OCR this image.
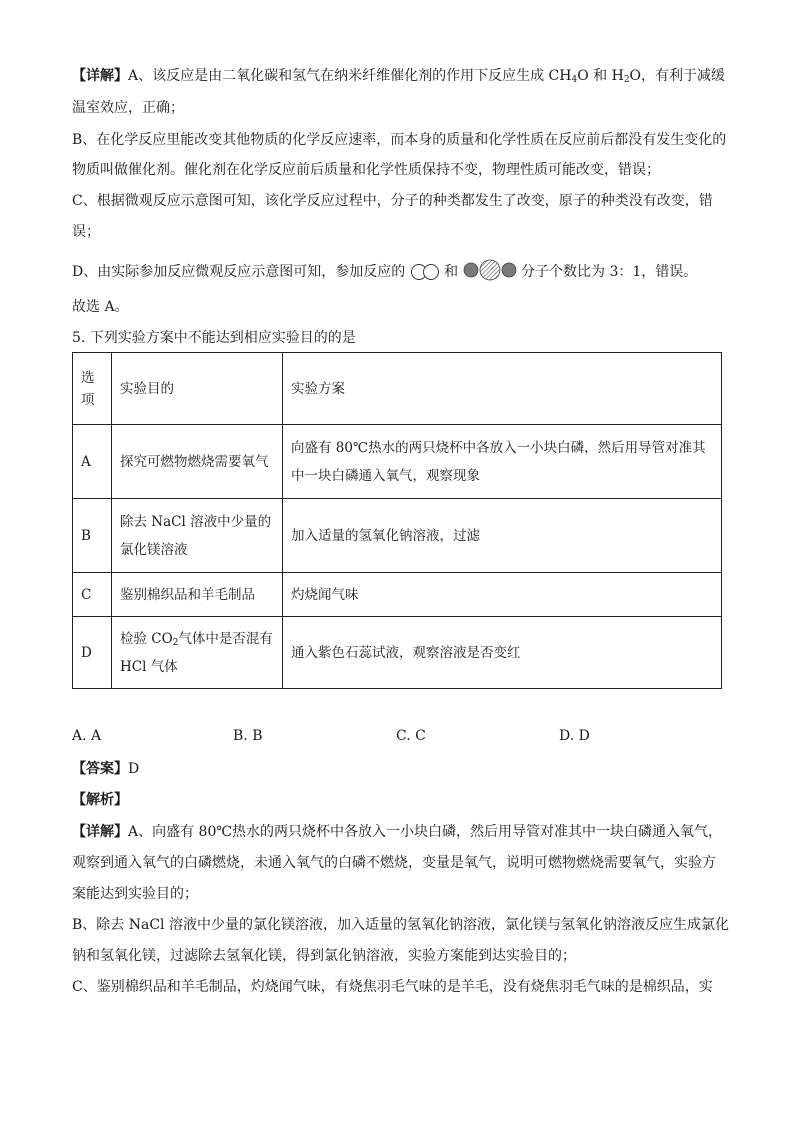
【详解】A、该反应是由二氧化碳和氢气在纳米纤维催化剂的作用下反应生成 $CH_4O$ 和 $H_2O$，有利于减缓
温室效应，正确；
B、在化学反应里能改变其他物质的化学反应速率，而本身的质量和化学性质在反应前后都没有发生变化的
物质叫做催化剂。催化剂在化学反应前后质量和化学性质保持不变，物理性质可能改变，错误；
C、根据微观反应示意图可知，该化学反应过程中，分子的种类都发生了改变，原子的种类没有改变，错
误；
D、由实际参加反应微观反应示意图可知，参加反应的	和	分子个数比为 3：1，错误。
故选 A。
5. 下列实验方案中不能达到相应实验目的的是
选项	实验目的	实验方案
A	探究可燃物燃烧需要氧气	向盛有 80℃热水的两只烧杯中各放入一小块白磷，然后用导管对准其中一块白磷通入氧气，观察现象
B	除去 NaCl 溶液中少量的氯化镁溶液	加入适量的氢氧化钠溶液，过滤
C	鉴别棉织品和羊毛制品	灼烧闻气味
D	检验 $CO_2$气体中是否混有 HCl 气体	通入紫色石蕊试液，观察溶液是否变红
A. A	B. B	C. C	D. D
【答案】D
【解析】
【详解】A、向盛有 80℃热水的两只烧杯中各放入一小块白磷，然后用导管对准其中一块白磷通入氧气，
观察到通入氧气的白磷燃烧，未通入氧气的白磷不燃烧，变量是氧气，说明可燃物燃烧需要氧气，实验方
案能达到实验目的；
B、除去 NaCl 溶液中少量的氯化镁溶液，加入适量的氢氧化钠溶液，氯化镁与氢氧化钠溶液反应生成氯化
钠和氢氧化镁，过滤除去氢氧化镁，得到氯化钠溶液，实验方案能到达实验目的；
C、鉴别棉织品和羊毛制品，灼烧闻气味，有烧焦羽毛气味的是羊毛，没有烧焦羽毛气味的是棉织品，实
